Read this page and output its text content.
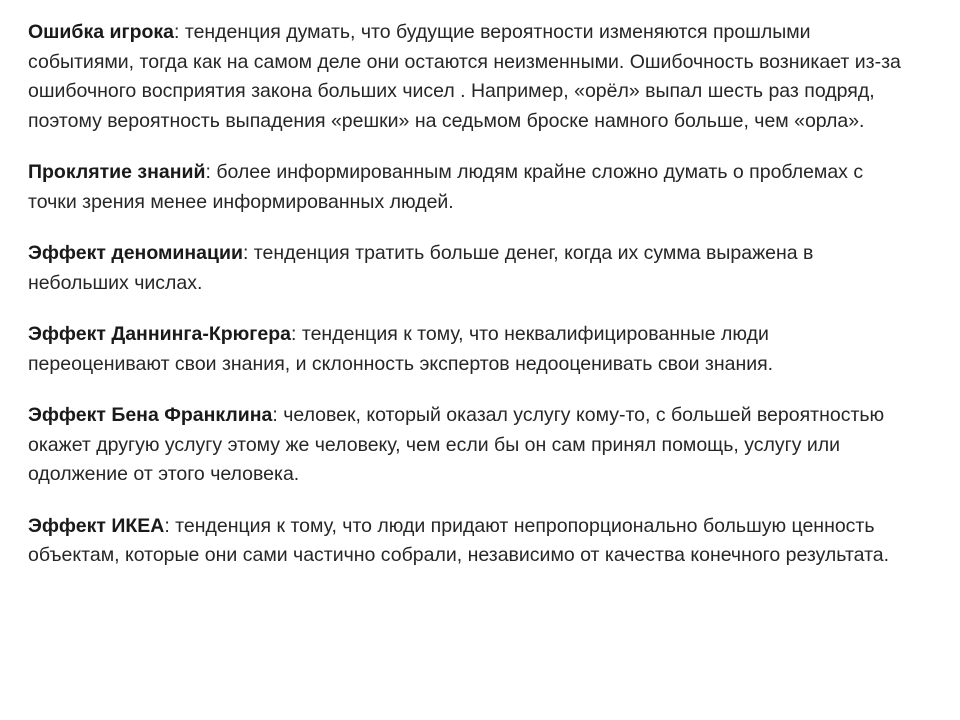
Ошибка игрока: тенденция думать, что будущие вероятности изменяются прошлыми событиями, тогда как на самом деле они остаются неизменными. Ошибочность возникает из-за ошибочного восприятия закона больших чисел . Например, «орёл» выпал шесть раз подряд, поэтому вероятность выпадения «решки» на седьмом броске намного больше, чем «орла».

Проклятие знаний: более информированным людям крайне сложно думать о проблемах с точки зрения менее информированных людей.

Эффект деноминации: тенденция тратить больше денег, когда их сумма выражена в небольших числах.

Эффект Даннинга-Крюгера: тенденция к тому, что неквалифицированные люди переоценивают свои знания, и склонность экспертов недооценивать свои знания.

Эффект Бена Франклина: человек, который оказал услугу кому-то, с большей вероятностью окажет другую услугу этому же человеку, чем если бы он сам принял помощь, услугу или одолжение от этого человека.

Эффект ИКЕА: тенденция к тому, что люди придают непропорционально большую ценность объектам, которые они сами частично собрали, независимо от качества конечного результата.
